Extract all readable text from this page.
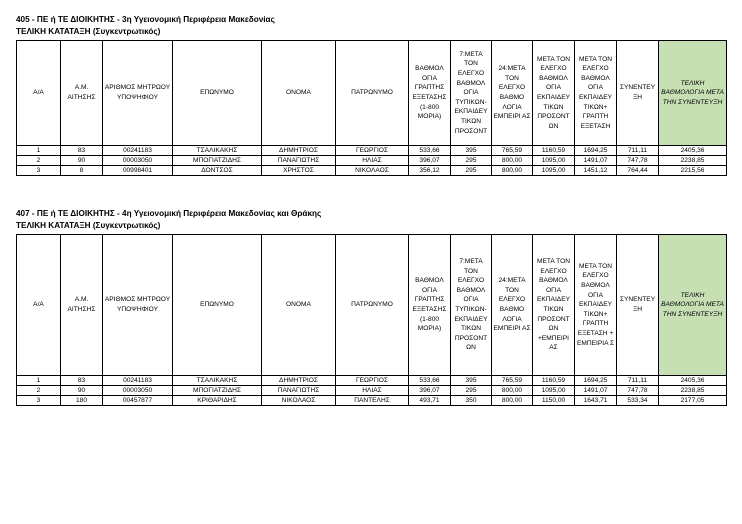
405 - ΠΕ ή ΤΕ ΔΙΟΙΚΗΤΗΣ - 3η Υγειονομική Περιφέρεια Μακεδονίας
ΤΕΛΙΚΗ ΚΑΤΑΤΑΞΗ (Συγκεντρωτικός)
Α/Α	Α.Μ. ΑΙΤΗΣΗΣ	ΑΡΙΘΜΟΣ ΜΗΤΡΩΟΥ ΥΠΟΨΗΦΙΟΥ	ΕΠΩΝΥΜΟ	ΟΝΟΜΑ	ΠΑΤΡΩΝΥΜΟ	ΒΑΘΜΟΛ ΟΓΙΑ ΓΡΑΠΤΗΣ ΕΞΕΤΑΣΗΣ (1-800 ΜΟΡΙΑ)	7:ΜΕΤΑ ΤΟΝ ΕΛΕΓΧΟ ΒΑΘΜΟΛ ΟΓΙΑ ΤΥΠΙΚΩΝ- ΕΚΠΑΙΔΕΥ ΤΙΚΩΝ ΠΡΟΣΟΝΤ	24:ΜΕΤΑ ΤΟΝ ΕΛΕΓΧΟ ΒΑΘΜΟ ΛΟΓΙΑ ΕΜΠΕΙΡΙ ΑΣ	ΜΕΤΑ ΤΟΝ ΕΛΕΓΧΟ ΒΑΘΜΟΛ ΟΓΙΑ ΕΚΠΑΙΔΕΥ ΤΙΚΩΝ ΠΡΟΣΟΝΤ ΩΝ	ΜΕΤΑ ΤΟΝ ΕΛΕΓΧΟ ΒΑΘΜΟΛ ΟΓΙΑ ΕΚΠΑΙΔΕΥ ΤΙΚΩΝ+ ΓΡΑΠΤΗ ΕΞΕΤΑΣΗ	ΣΥΝΕΝΤΕΥ ΞΗ	ΤΕΛΙΚΗ ΒΑΘΜΟΛΟΓΙΑ ΜΕΤΑ ΤΗΝ ΣΥΝΕΝΤΕΥΞΗ
1	83	00241183	ΤΣΑΛΙΚΑΚΗΣ	ΔΗΜΗΤΡΙΟΣ	ΓΕΩΡΓΙΟΣ	533,66	395	765,59	1160,59	1694,25	711,11	2405,36
2	90	00003050	ΜΠΟΓΙΑΤΖΙΔΗΣ	ΠΑΝΑΓΙΩΤΗΣ	ΗΛΙΑΣ	396,07	295	800,00	1095,00	1491,07	747,78	2238,85
3	8	00998401	ΔΟΝΤΣΟΣ	ΧΡΗΣΤΟΣ	ΝΙΚΟΛΑΟΣ	356,12	295	800,00	1095,00	1451,12	764,44	2215,56
407 - ΠΕ ή ΤΕ ΔΙΟΙΚΗΤΗΣ - 4η Υγειονομική Περιφέρεια Μακεδονίας και Θράκης
ΤΕΛΙΚΗ ΚΑΤΑΤΑΞΗ (Συγκεντρωτικός)
Α/Α	Α.Μ. ΑΙΤΗΣΗΣ	ΑΡΙΘΜΟΣ ΜΗΤΡΩΟΥ ΥΠΟΨΗΦΙΟΥ	ΕΠΩΝΥΜΟ	ΟΝΟΜΑ	ΠΑΤΡΩΝΥΜΟ	ΒΑΘΜΟΛ ΟΓΙΑ ΓΡΑΠΤΗΣ ΕΞΕΤΑΣΗΣ (1-800 ΜΟΡΙΑ)	7:ΜΕΤΑ ΤΟΝ ΕΛΕΓΧΟ ΒΑΘΜΟΛ ΟΓΙΑ ΤΥΠΙΚΩΝ- ΕΚΠΑΙΔΕΥ ΤΙΚΩΝ ΠΡΟΣΟΝΤ ΩΝ	24:ΜΕΤΑ ΤΟΝ ΕΛΕΓΧΟ ΒΑΘΜΟ ΛΟΓΙΑ ΕΜΠΕΙΡΙ ΑΣ	ΜΕΤΑ ΤΟΝ ΕΛΕΓΧΟ ΒΑΘΜΟΛ ΟΓΙΑ ΕΚΠΑΙΔΕΥ ΤΙΚΩΝ ΠΡΟΣΟΝΤ ΩΝ +ΕΜΠΕΙΡΙ ΑΣ	ΜΕΤΑ ΤΟΝ ΕΛΕΓΧΟ ΒΑΘΜΟΛ ΟΓΙΑ ΕΚΠΑΙΔΕΥ ΤΙΚΩΝ+ ΓΡΑΠΤΗ ΕΞΕΤΑΣΗ + ΕΜΠΕΙΡΙΑ Σ	ΣΥΝΕΝΤΕΥ ΞΗ	ΤΕΛΙΚΗ ΒΑΘΜΟΛΟΓΙΑ ΜΕΤΑ ΤΗΝ ΣΥΝΕΝΤΕΥΞΗ
1	83	00241183	ΤΣΑΛΙΚΑΚΗΣ	ΔΗΜΗΤΡΙΟΣ	ΓΕΩΡΓΙΟΣ	533,66	395	765,59	1160,59	1694,25	711,11	2405,36
2	90	00003050	ΜΠΟΓΙΑΤΖΙΔΗΣ	ΠΑΝΑΓΙΩΤΗΣ	ΗΛΙΑΣ	396,07	295	800,00	1095,00	1491,07	747,78	2238,85
3	180	00457877	ΚΡΙΘΑΡΙΔΗΣ	ΝΙΚΟΛΑΟΣ	ΠΑΝΤΕΛΗΣ	493,71	350	800,00	1150,00	1643,71	533,34	2177,05
